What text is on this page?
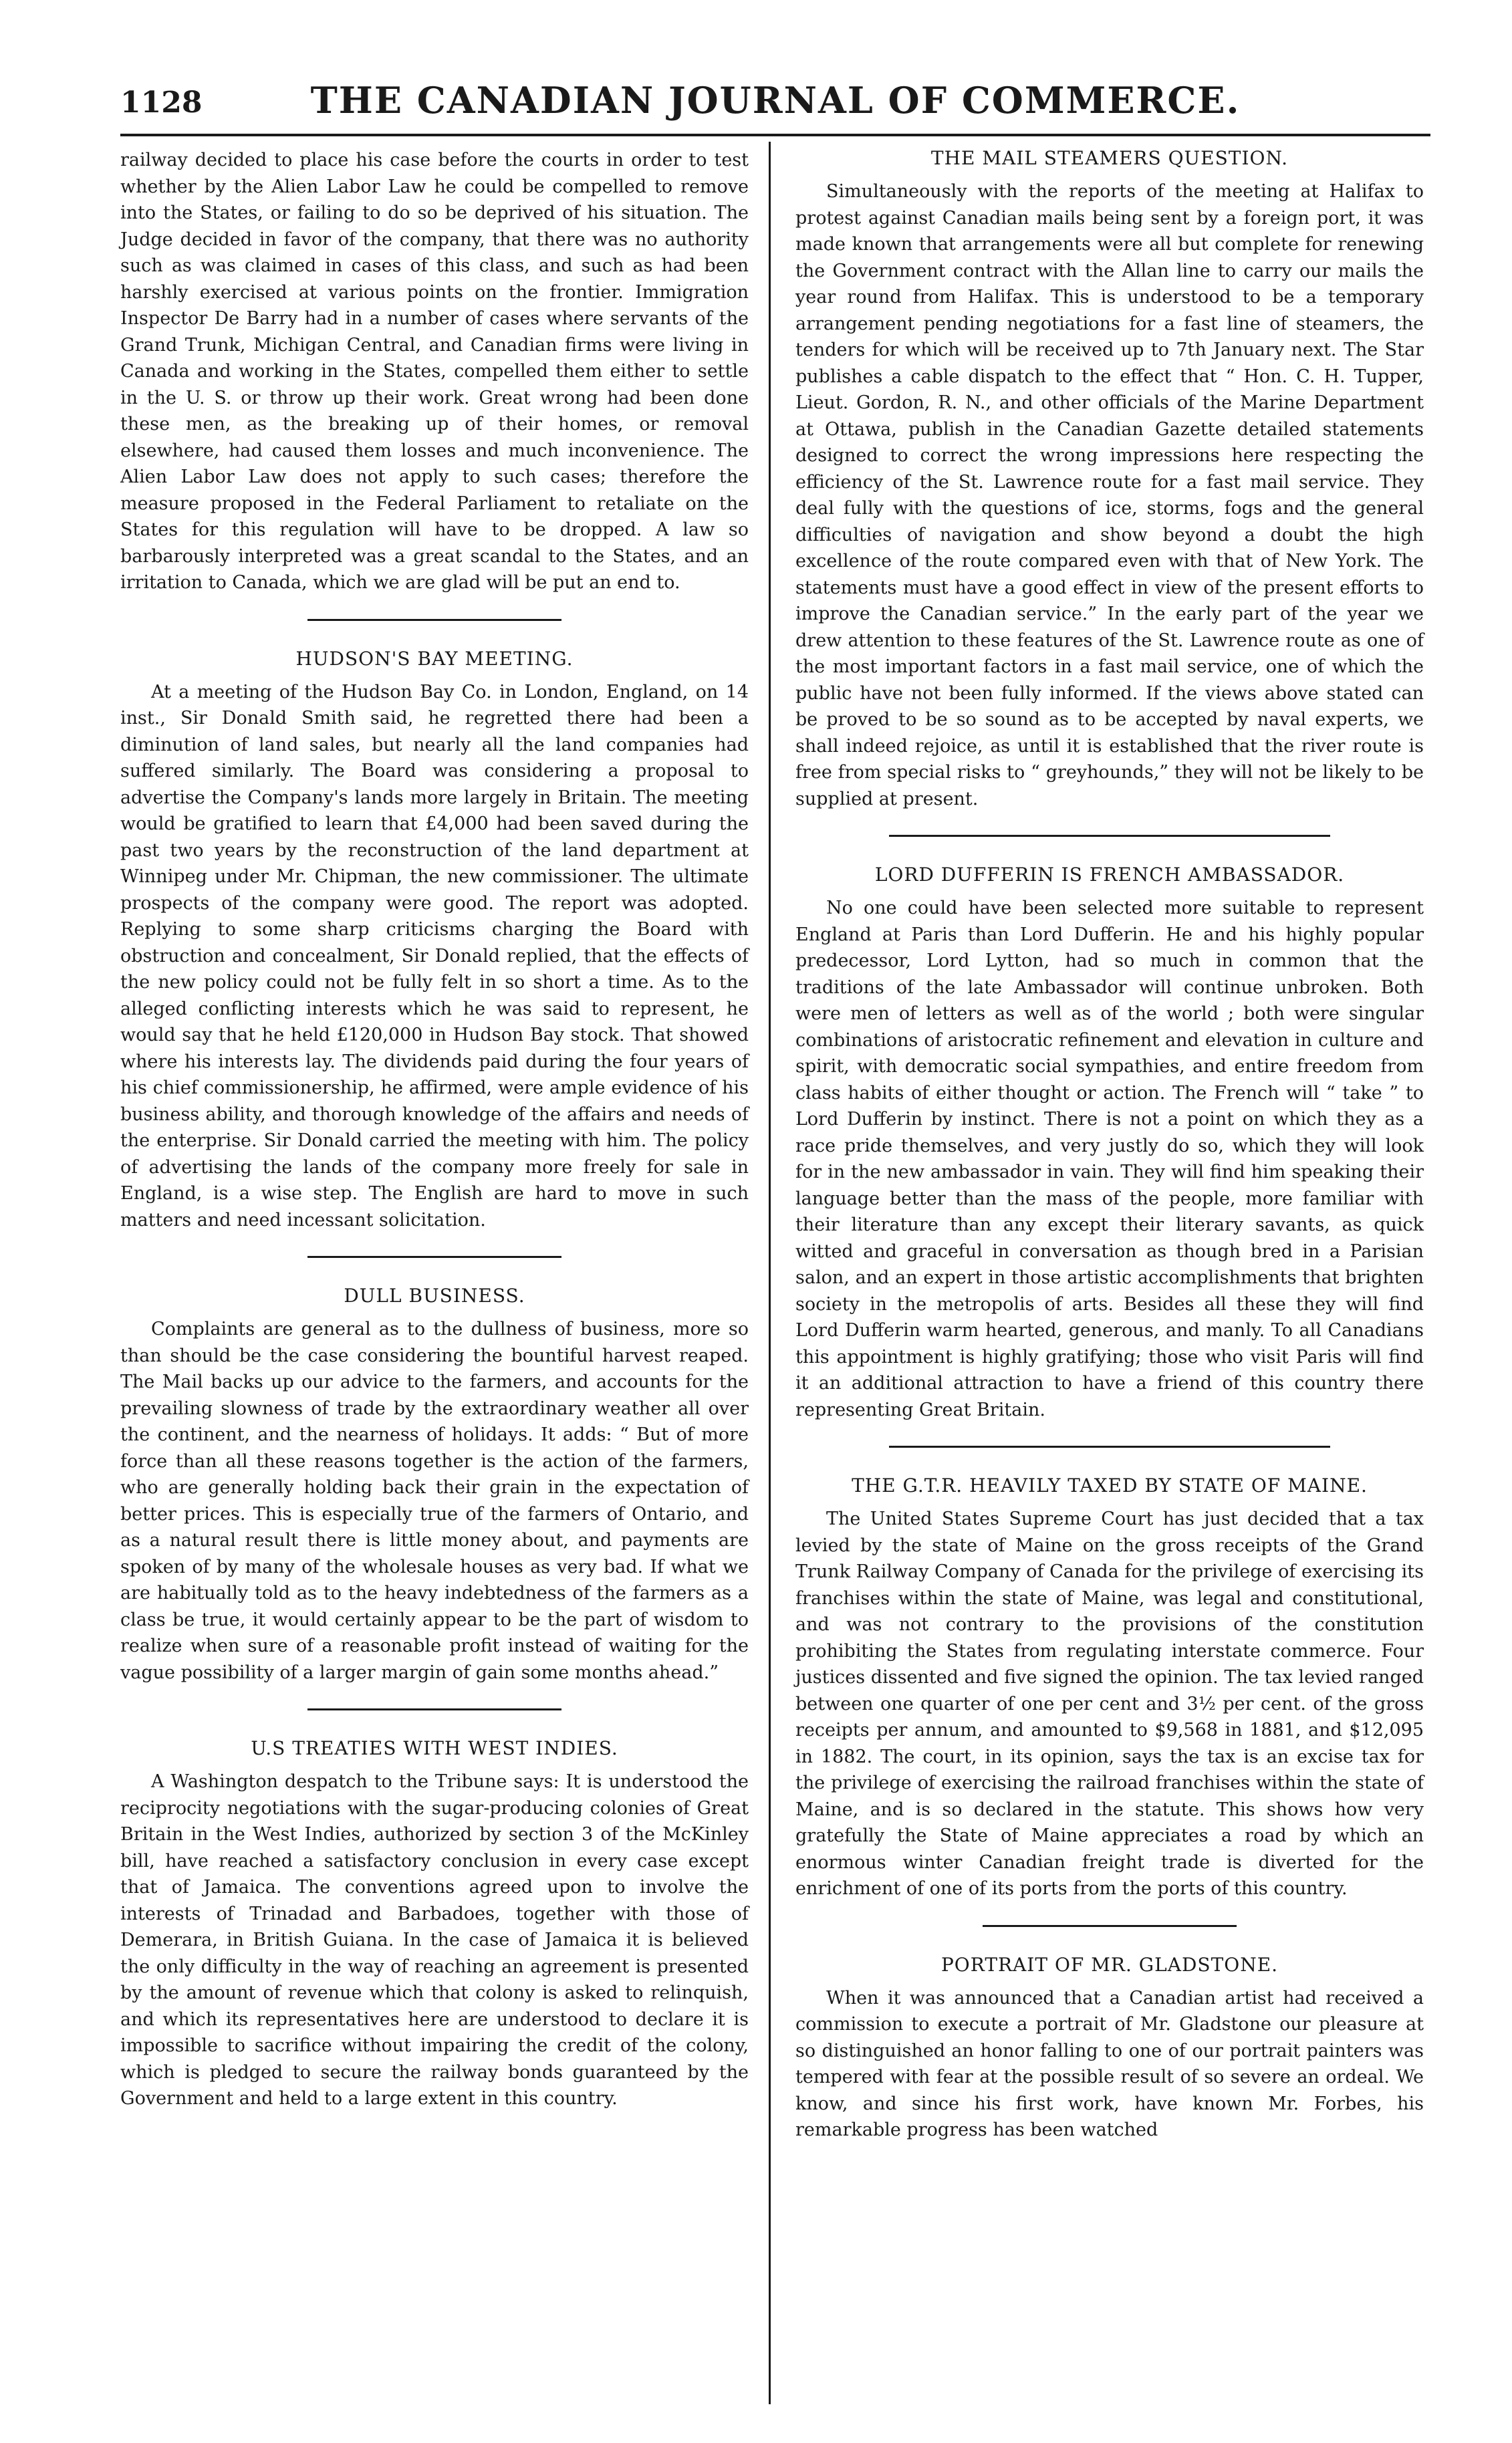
1128	THE CANADIAN JOURNAL OF COMMERCE.

railway decided to place his case before the courts in order to test whether by the Alien Labor Law he could be compelled to remove into the States, or failing to do so be deprived of his situation. The Judge decided in favor of the company, that there was no authority such as was claimed in cases of this class, and such as had been harshly exercised at various points on the frontier. Immigration Inspector De Barry had in a number of cases where servants of the Grand Trunk, Michigan Central, and Canadian firms were living in Canada and working in the States, compelled them either to settle in the U. S. or throw up their work. Great wrong had been done these men, as the breaking up of their homes, or removal elsewhere, had caused them losses and much inconvenience. The Alien Labor Law does not apply to such cases; therefore the measure proposed in the Federal Parliament to retaliate on the States for this regulation will have to be dropped. A law so barbarously interpreted was a great scandal to the States, and an irritation to Canada, which we are glad will be put an end to.

HUDSON'S BAY MEETING.

At a meeting of the Hudson Bay Co. in London, England, on 14 inst., Sir Donald Smith said, he regretted there had been a diminution of land sales, but nearly all the land companies had suffered similarly. The Board was considering a proposal to advertise the Company's lands more largely in Britain. The meeting would be gratified to learn that £4,000 had been saved during the past two years by the reconstruction of the land department at Winnipeg under Mr. Chipman, the new commissioner. The ultimate prospects of the company were good. The report was adopted. Replying to some sharp criticisms charging the Board with obstruction and concealment, Sir Donald replied, that the effects of the new policy could not be fully felt in so short a time. As to the alleged conflicting interests which he was said to represent, he would say that he held £120,000 in Hudson Bay stock. That showed where his interests lay. The dividends paid during the four years of his chief commissionership, he affirmed, were ample evidence of his business ability, and thorough knowledge of the affairs and needs of the enterprise. Sir Donald carried the meeting with him. The policy of advertising the lands of the company more freely for sale in England, is a wise step. The English are hard to move in such matters and need incessant solicitation.

DULL BUSINESS.

Complaints are general as to the dullness of business, more so than should be the case considering the bountiful harvest reaped. The Mail backs up our advice to the farmers, and accounts for the prevailing slowness of trade by the extraordinary weather all over the continent, and the nearness of holidays. It adds: “ But of more force than all these reasons together is the action of the farmers, who are generally holding back their grain in the expectation of better prices. This is especially true of the farmers of Ontario, and as a natural result there is little money about, and payments are spoken of by many of the wholesale houses as very bad. If what we are habitually told as to the heavy indebtedness of the farmers as a class be true, it would certainly appear to be the part of wisdom to realize when sure of a reasonable profit instead of waiting for the vague possibility of a larger margin of gain some months ahead.”

U.S TREATIES WITH WEST INDIES.

A Washington despatch to the Tribune says: It is understood the reciprocity negotiations with the sugar-producing colonies of Great Britain in the West Indies, authorized by section 3 of the McKinley bill, have reached a satisfactory conclusion in every case except that of Jamaica. The conventions agreed upon to involve the interests of Trinadad and Barbadoes, together with those of Demerara, in British Guiana. In the case of Jamaica it is believed the only difficulty in the way of reaching an agreement is presented by the amount of revenue which that colony is asked to relinquish, and which its representatives here are understood to declare it is impossible to sacrifice without impairing the credit of the colony, which is pledged to secure the railway bonds guaranteed by the Government and held to a large extent in this country.

THE MAIL STEAMERS QUESTION.

Simultaneously with the reports of the meeting at Halifax to protest against Canadian mails being sent by a foreign port, it was made known that arrangements were all but complete for renewing the Government contract with the Allan line to carry our mails the year round from Halifax. This is understood to be a temporary arrangement pending negotiations for a fast line of steamers, the tenders for which will be received up to 7th January next. The Star publishes a cable dispatch to the effect that “ Hon. C. H. Tupper, Lieut. Gordon, R. N., and other officials of the Marine Department at Ottawa, publish in the Canadian Gazette detailed statements designed to correct the wrong impressions here respecting the efficiency of the St. Lawrence route for a fast mail service. They deal fully with the questions of ice, storms, fogs and the general difficulties of navigation and show beyond a doubt the high excellence of the route compared even with that of New York. The statements must have a good effect in view of the present efforts to improve the Canadian service.” In the early part of the year we drew attention to these features of the St. Lawrence route as one of the most important factors in a fast mail service, one of which the public have not been fully informed. If the views above stated can be proved to be so sound as to be accepted by naval experts, we shall indeed rejoice, as until it is established that the river route is free from special risks to “ greyhounds,” they will not be likely to be supplied at present.

LORD DUFFERIN IS FRENCH AMBASSADOR.

No one could have been selected more suitable to represent England at Paris than Lord Dufferin. He and his highly popular predecessor, Lord Lytton, had so much in common that the traditions of the late Ambassador will continue unbroken. Both were men of letters as well as of the world ; both were singular combinations of aristocratic refinement and elevation in culture and spirit, with democratic social sympathies, and entire freedom from class habits of either thought or action. The French will “ take ” to Lord Dufferin by instinct. There is not a point on which they as a race pride themselves, and very justly do so, which they will look for in the new ambassador in vain. They will find him speaking their language better than the mass of the people, more familiar with their literature than any except their literary savants, as quick witted and graceful in conversation as though bred in a Parisian salon, and an expert in those artistic accomplishments that brighten society in the metropolis of arts. Besides all these they will find Lord Dufferin warm hearted, generous, and manly. To all Canadians this appointment is highly gratifying; those who visit Paris will find it an additional attraction to have a friend of this country there representing Great Britain.

THE G.T.R. HEAVILY TAXED BY STATE OF MAINE.

The United States Supreme Court has just decided that a tax levied by the state of Maine on the gross receipts of the Grand Trunk Railway Company of Canada for the privilege of exercising its franchises within the state of Maine, was legal and constitutional, and was not contrary to the provisions of the constitution prohibiting the States from regulating interstate commerce. Four justices dissented and five signed the opinion. The tax levied ranged between one quarter of one per cent and 3½ per cent. of the gross receipts per annum, and amounted to $9,568 in 1881, and $12,095 in 1882. The court, in its opinion, says the tax is an excise tax for the privilege of exercising the railroad franchises within the state of Maine, and is so declared in the statute. This shows how very gratefully the State of Maine appreciates a road by which an enormous winter Canadian freight trade is diverted for the enrichment of one of its ports from the ports of this country.

PORTRAIT OF MR. GLADSTONE.

When it was announced that a Canadian artist had received a commission to execute a portrait of Mr. Gladstone our pleasure at so distinguished an honor falling to one of our portrait painters was tempered with fear at the possible result of so severe an ordeal. We know, and since his first work, have known Mr. Forbes, his remarkable progress has been watched
